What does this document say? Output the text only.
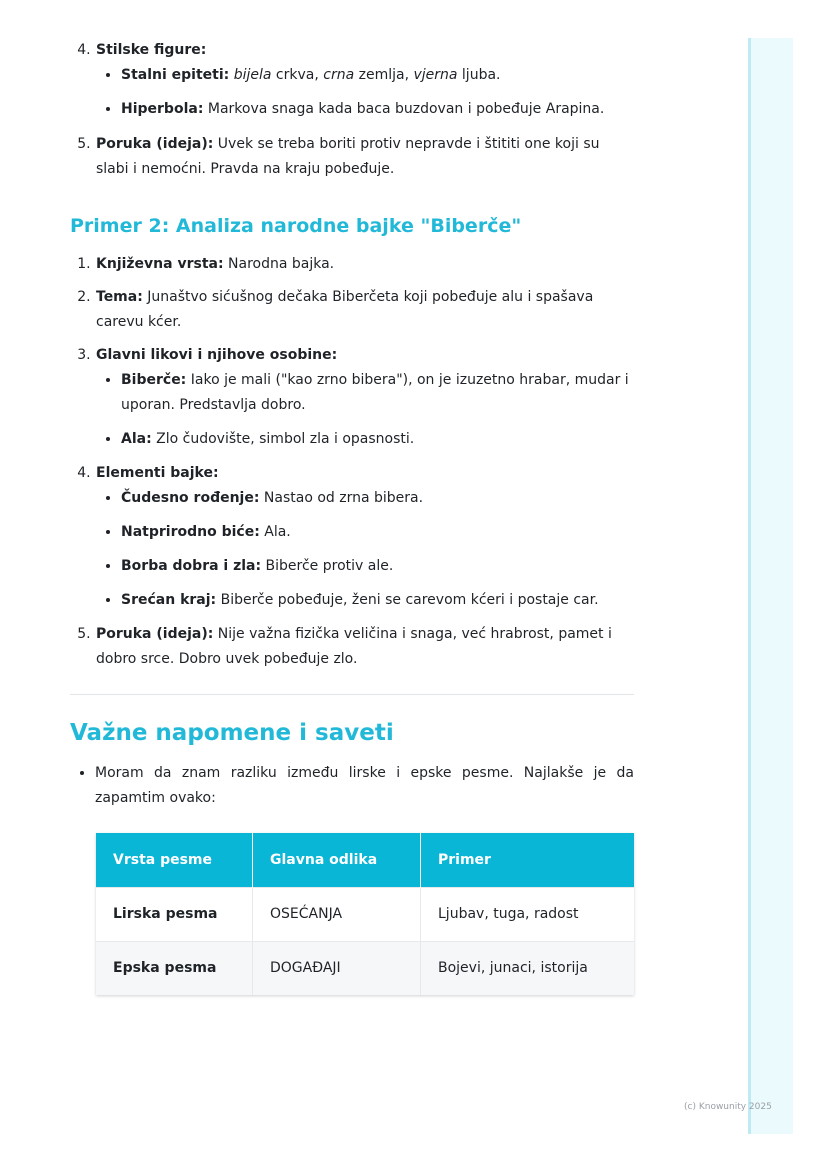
4. Stilske figure:
• Stalni epiteti: bijela crkva, crna zemlja, vjerna ljuba.
• Hiperbola: Markova snaga kada baca buzdovan i pobeđuje Arapina.
5. Poruka (ideja): Uvek se treba boriti protiv nepravde i štititi one koji su slabi i nemoćni. Pravda na kraju pobeđuje.
Primer 2: Analiza narodne bajke "Biberče"
1. Književna vrsta: Narodna bajka.
2. Tema: Junaštvo sićušnog dečaka Biberčeta koji pobeđuje alu i spašava carevu kćer.
3. Glavni likovi i njihove osobine:
• Biberče: Iako je mali ("kao zrno bibera"), on je izuzetno hrabar, mudar i uporan. Predstavlja dobro.
• Ala: Zlo čudovište, simbol zla i opasnosti.
4. Elementi bajke:
• Čudesno rođenje: Nastao od zrna bibera.
• Natprirodno biće: Ala.
• Borba dobra i zla: Biberče protiv ale.
• Srećan kraj: Biberče pobeđuje, ženi se carevom kćeri i postaje car.
5. Poruka (ideja): Nije važna fizička veličina i snaga, već hrabrost, pamet i dobro srce. Dobro uvek pobeđuje zlo.
Važne napomene i saveti
• Moram da znam razliku između lirske i epske pesme. Najlakše je da zapamtim ovako:
Vrsta pesme	Glavna odlika	Primer
Lirska pesma	OSEĆANJA	Ljubav, tuga, radost
Epska pesma	DOGAĐAJI	Bojevi, junaci, istorija
(c) Knowunity 2025
